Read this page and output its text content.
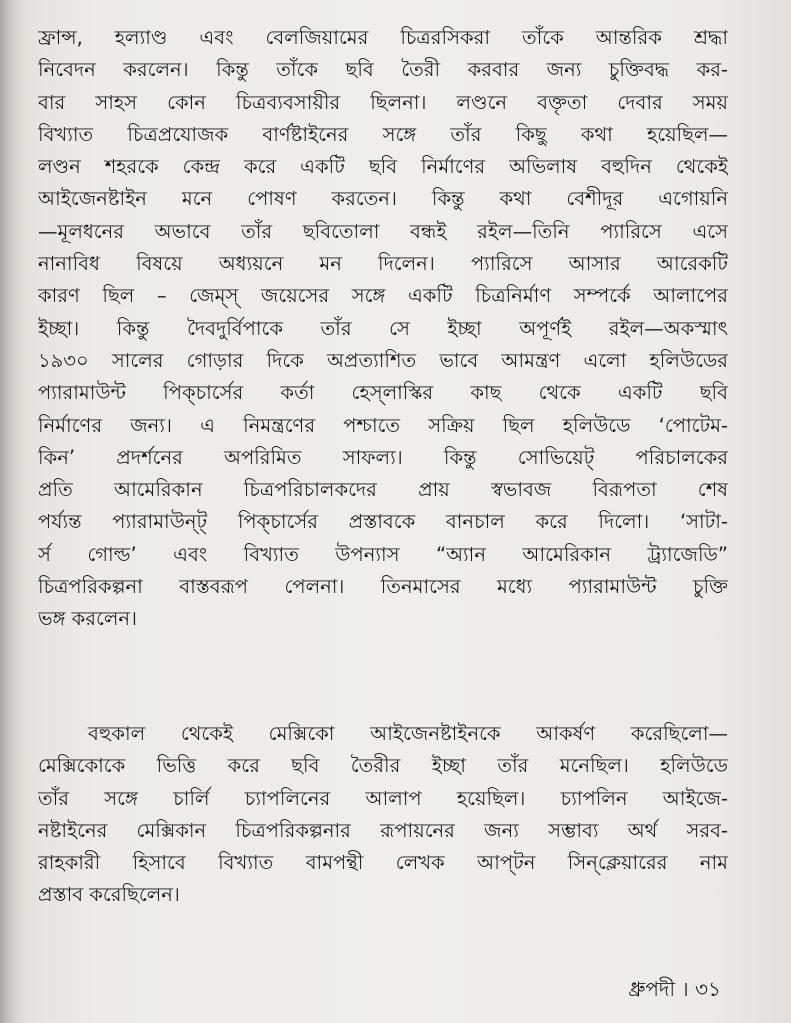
ফ্রান্স, হল্যাণ্ড এবং বেলজিয়ামের চিত্ররসিকরা তাঁকে আন্তরিক শ্রদ্ধা
নিবেদন করলেন। কিন্তু তাঁকে ছবি তৈরী করবার জন্য চুক্তিবদ্ধ কর-
বার সাহস কোন চিত্রব্যবসায়ীর ছিলনা। লণ্ডনে বক্তৃতা দেবার সময়
বিখ্যাত চিত্রপ্রযোজক বার্ণষ্টাইনের সঙ্গে তাঁর কিছু কথা হয়েছিল—
লণ্ডন শহরকে কেন্দ্র করে একটি ছবি নির্মাণের অভিলাষ বহুদিন থেকেই
আইজেনষ্টাইন মনে পোষণ করতেন। কিন্তু কথা বেশীদূর এগোয়নি
—মূলধনের অভাবে তাঁর ছবিতোলা বন্ধই রইল—তিনি প্যারিসে এসে
নানাবিধ বিষয়ে অধ্যয়নে মন দিলেন। প্যারিসে আসার আরেকটি
কারণ ছিল – জেম্স্ জয়েসের সঙ্গে একটি চিত্রনির্মাণ সম্পর্কে আলাপের
ইচ্ছা। কিন্তু দৈবদুর্বিপাকে তাঁর সে ইচ্ছা অপূর্ণই রইল—অকস্মাৎ
১৯৩০ সালের গোড়ার দিকে অপ্রত্যাশিত ভাবে আমন্ত্রণ এলো হলিউডের
প্যারামাউন্ট পিক্‌চার্সের কর্তা হেস্‌লাস্কির কাছ থেকে একটি ছবি
নির্মাণের জন্য। এ নিমন্ত্রণের পশ্চাতে সক্রিয় ছিল হলিউডে ‘পোটেম-
কিন’ প্রদর্শনের অপরিমিত সাফল্য। কিন্তু সোভিয়েট্ পরিচালকের
প্রতি আমেরিকান চিত্রপরিচালকদের প্রায় স্বভাবজ বিরূপতা শেষ
পর্য্যন্ত প্যারামাউন্ট্ পিক্‌চার্সের প্রস্তাবকে বানচাল করে দিলো। ‘সাটা-
র্স গোল্ড’ এবং বিখ্যাত উপন্যাস “অ্যান আমেরিকান ট্র্যাজেডি”
চিত্রপরিকল্পনা বাস্তবরূপ পেলনা। তিনমাসের মধ্যে প্যারামাউন্ট চুক্তি
ভঙ্গ করলেন।
বহুকাল থেকেই মেক্সিকো আইজেনষ্টাইনকে আকর্ষণ করেছিলো—
মেক্সিকোকে ভিত্তি করে ছবি তৈরীর ইচ্ছা তাঁর মনেছিল। হলিউডে
তাঁর সঙ্গে চার্লি চ্যাপলিনের আলাপ হয়েছিল। চ্যাপলিন আইজে-
নষ্টাইনের মেক্সিকান চিত্রপরিকল্পনার রূপায়নের জন্য সম্ভাব্য অর্থ সরব-
রাহকারী হিসাবে বিখ্যাত বামপন্থী লেখক আপ্‌টন সিন্‌ক্লেয়ারের নাম
প্রস্তাব করেছিলেন।
ধ্রুপদী । ৩১
